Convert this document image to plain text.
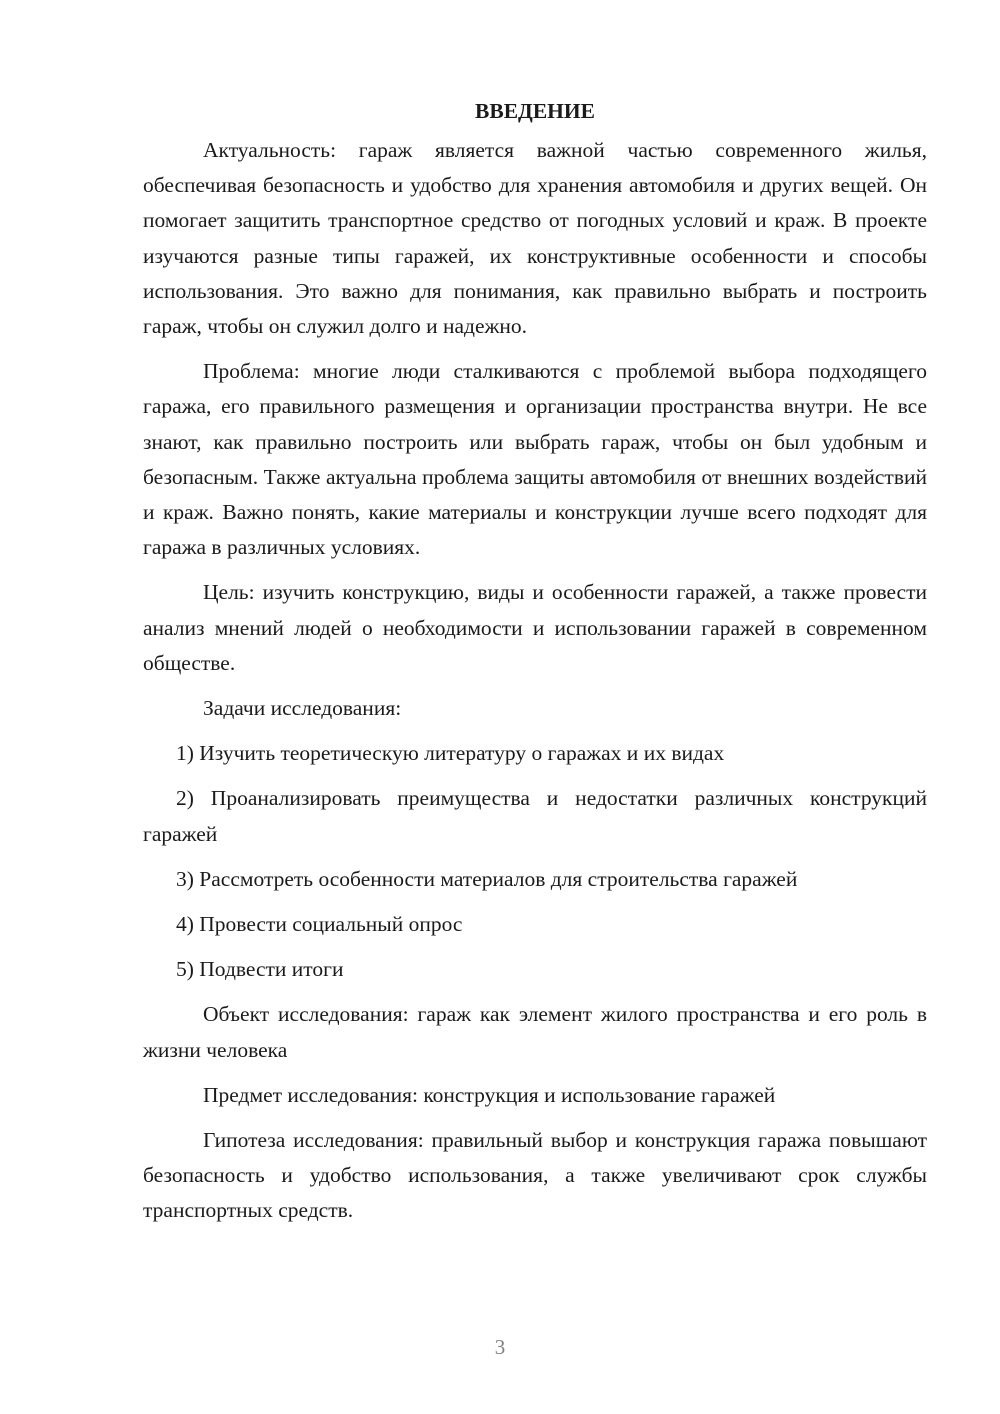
ВВЕДЕНИЕ

Актуальность: гараж является важной частью современного жилья, обеспечивая безопасность и удобство для хранения автомобиля и других вещей. Он помогает защитить транспортное средство от погодных условий и краж. В проекте изучаются разные типы гаражей, их конструктивные особенности и способы использования. Это важно для понимания, как правильно выбрать и построить гараж, чтобы он служил долго и надежно.

Проблема: многие люди сталкиваются с проблемой выбора подходящего гаража, его правильного размещения и организации пространства внутри. Не все знают, как правильно построить или выбрать гараж, чтобы он был удобным и безопасным. Также актуальна проблема защиты автомобиля от внешних воздействий и краж. Важно понять, какие материалы и конструкции лучше всего подходят для гаража в различных условиях.

Цель: изучить конструкцию, виды и особенности гаражей, а также провести анализ мнений людей о необходимости и использовании гаражей в современном обществе.

Задачи исследования:

1) Изучить теоретическую литературу о гаражах и их видах

2) Проанализировать преимущества и недостатки различных конструкций гаражей

3) Рассмотреть особенности материалов для строительства гаражей

4) Провести социальный опрос

5) Подвести итоги

Объект исследования: гараж как элемент жилого пространства и его роль в жизни человека

Предмет исследования: конструкция и использование гаражей

Гипотеза исследования: правильный выбор и конструкция гаража повышают безопасность и удобство использования, а также увеличивают срок службы транспортных средств.

3
